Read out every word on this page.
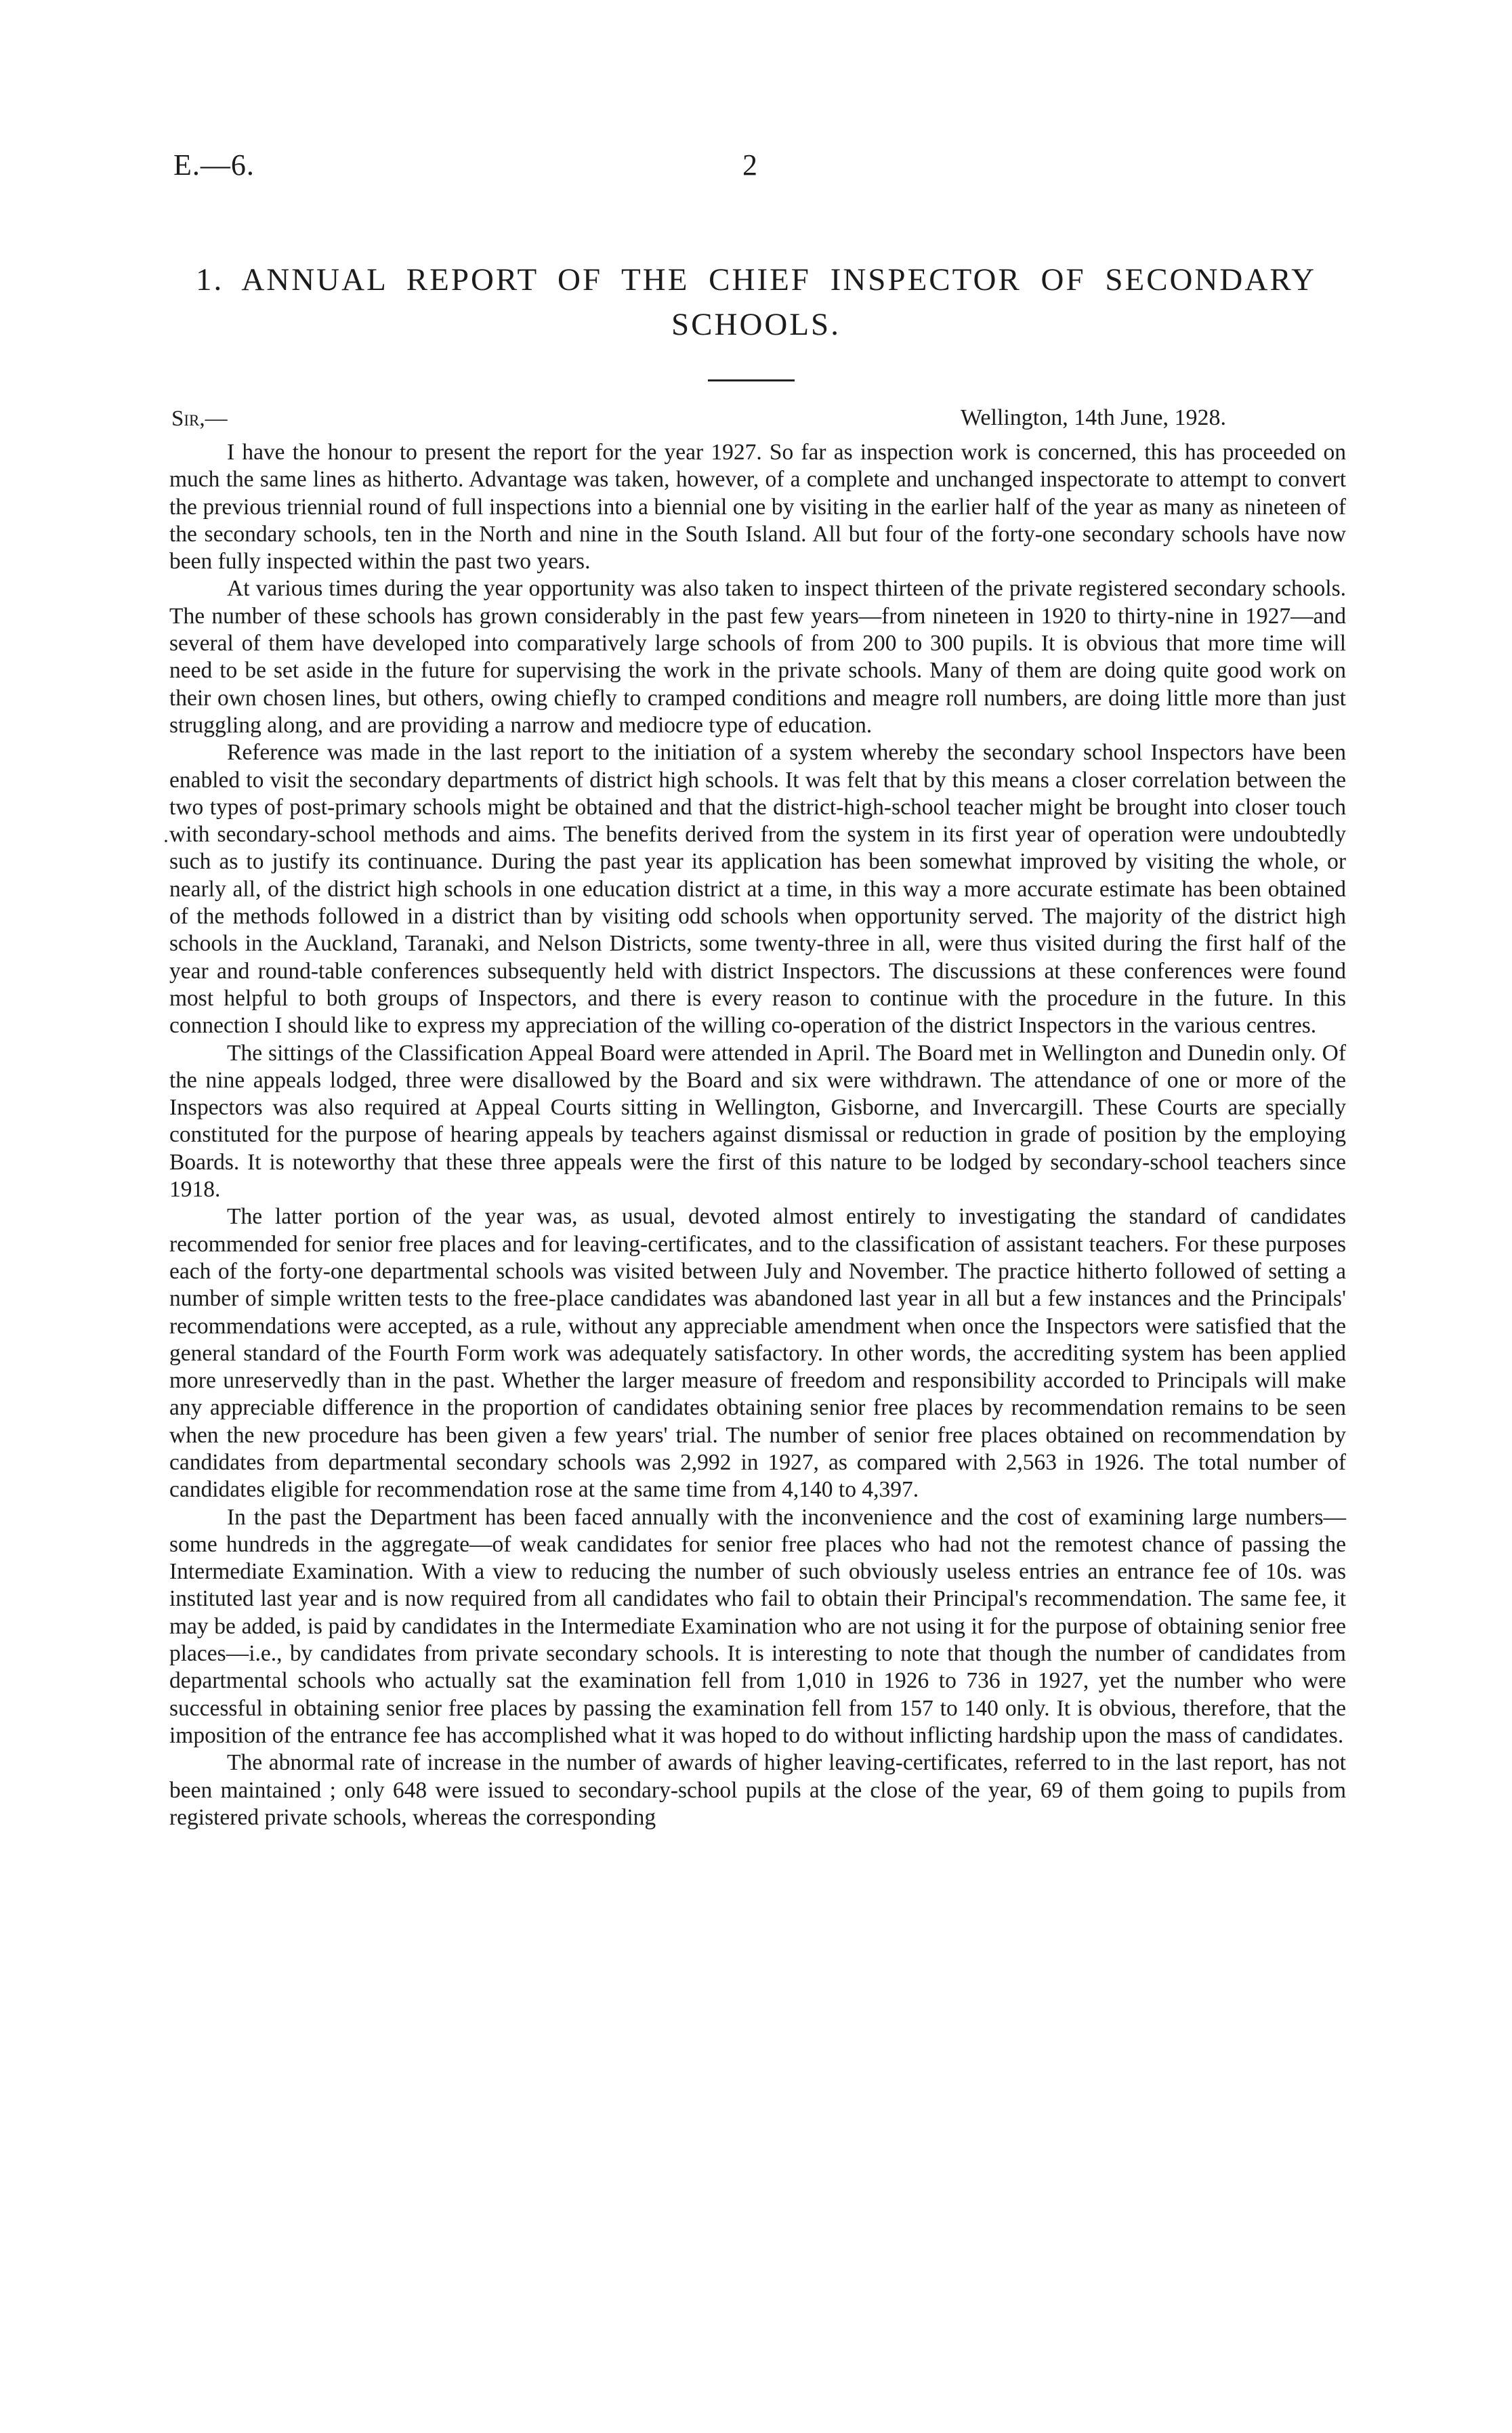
E.—6.	2
1. ANNUAL REPORT OF THE CHIEF INSPECTOR OF SECONDARY SCHOOLS.
Sir,—	Wellington, 14th June, 1928.
·

I have the honour to present the report for the year 1927. So far as inspection work is concerned, this has proceeded on much the same lines as hitherto. Advantage was taken, however, of a complete and unchanged inspectorate to attempt to convert the previous triennial round of full inspections into a biennial one by visiting in the earlier half of the year as many as nineteen of the secondary schools, ten in the North and nine in the South Island. All but four of the forty-one secondary schools have now been fully inspected within the past two years.

At various times during the year opportunity was also taken to inspect thirteen of the private registered secondary schools. The number of these schools has grown considerably in the past few years—from nineteen in 1920 to thirty-nine in 1927—and several of them have developed into comparatively large schools of from 200 to 300 pupils. It is obvious that more time will need to be set aside in the future for supervising the work in the private schools. Many of them are doing quite good work on their own chosen lines, but others, owing chiefly to cramped conditions and meagre roll numbers, are doing little more than just struggling along, and are providing a narrow and mediocre type of education.

Reference was made in the last report to the initiation of a system whereby the secondary school Inspectors have been enabled to visit the secondary departments of district high schools. It was felt that by this means a closer correlation between the two types of post-primary schools might be obtained and that the district-high-school teacher might be brought into closer touch with secondary-school methods and aims. The benefits derived from the system in its first year of operation were undoubtedly such as to justify its continuance. During the past year its application has been somewhat improved by visiting the whole, or nearly all, of the district high schools in one education district at a time, in this way a more accurate estimate has been obtained of the methods followed in a district than by visiting odd schools when opportunity served. The majority of the district high schools in the Auckland, Taranaki, and Nelson Districts, some twenty-three in all, were thus visited during the first half of the year and round-table conferences subsequently held with district Inspectors. The discussions at these conferences were found most helpful to both groups of Inspectors, and there is every reason to continue with the procedure in the future. In this connection I should like to express my appreciation of the willing co-operation of the district Inspectors in the various centres.

The sittings of the Classification Appeal Board were attended in April. The Board met in Wellington and Dunedin only. Of the nine appeals lodged, three were disallowed by the Board and six were withdrawn. The attendance of one or more of the Inspectors was also required at Appeal Courts sitting in Wellington, Gisborne, and Invercargill. These Courts are specially constituted for the purpose of hearing appeals by teachers against dismissal or reduction in grade of position by the employing Boards. It is noteworthy that these three appeals were the first of this nature to be lodged by secondary-school teachers since 1918.

The latter portion of the year was, as usual, devoted almost entirely to investigating the standard of candidates recommended for senior free places and for leaving-certificates, and to the classification of assistant teachers. For these purposes each of the forty-one departmental schools was visited between July and November. The practice hitherto followed of setting a number of simple written tests to the free-place candidates was abandoned last year in all but a few instances and the Principals' recommendations were accepted, as a rule, without any appreciable amendment when once the Inspectors were satisfied that the general standard of the Fourth Form work was adequately satisfactory. In other words, the accrediting system has been applied more unreservedly than in the past. Whether the larger measure of freedom and responsibility accorded to Principals will make any appreciable difference in the proportion of candidates obtaining senior free places by recommendation remains to be seen when the new procedure has been given a few years' trial. The number of senior free places obtained on recommendation by candidates from departmental secondary schools was 2,992 in 1927, as compared with 2,563 in 1926. The total number of candidates eligible for recommendation rose at the same time from 4,140 to 4,397.

In the past the Department has been faced annually with the inconvenience and the cost of examining large numbers—some hundreds in the aggregate—of weak candidates for senior free places who had not the remotest chance of passing the Intermediate Examination. With a view to reducing the number of such obviously useless entries an entrance fee of 10s. was instituted last year and is now required from all candidates who fail to obtain their Principal's recommendation. The same fee, it may be added, is paid by candidates in the Intermediate Examination who are not using it for the purpose of obtaining senior free places—i.e., by candidates from private secondary schools. It is interesting to note that though the number of candidates from departmental schools who actually sat the examination fell from 1,010 in 1926 to 736 in 1927, yet the number who were successful in obtaining senior free places by passing the examination fell from 157 to 140 only. It is obvious, therefore, that the imposition of the entrance fee has accomplished what it was hoped to do without inflicting hardship upon the mass of candidates.

The abnormal rate of increase in the number of awards of higher leaving-certificates, referred to in the last report, has not been maintained ; only 648 were issued to secondary-school pupils at the close of the year, 69 of them going to pupils from registered private schools, whereas the corresponding
